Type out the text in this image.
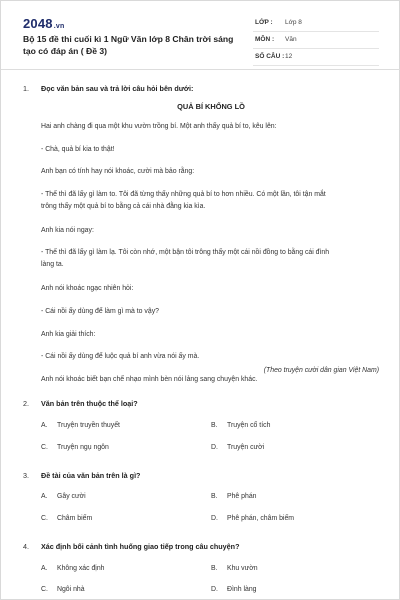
2048.vn
Bộ 15 đề thi cuối kì 1 Ngữ Văn lớp 8 Chân trời sáng tạo có đáp án ( Đề 3)
LỚP : Lớp 8
MÔN : Văn
SỐ CÂU : 12
1.	Đọc văn bản sau và trả lời câu hỏi bên dưới:
QUẢ BÍ KHỔNG LỒ
Hai anh chàng đi qua một khu vườn trồng bí. Một anh thấy quả bí to, kêu lên:
- Chà, quả bí kia to thật!
Anh bạn có tính hay nói khoác, cười mà bảo rằng:
- Thế thì đã lấy gì làm to. Tôi đã từng thấy những quả bí to hơn nhiều. Có một lần, tôi tận mắt
trông thấy một quả bí to bằng cả cái nhà đằng kia kìa.
Anh kia nói ngay:
- Thế thì đã lấy gì làm lạ. Tôi còn nhớ, một bận tôi trông thấy một cái nồi đồng to bằng cái đình
làng ta.
Anh nói khoác ngạc nhiên hỏi:
- Cái nồi ấy dùng để làm gì mà to vậy?
Anh kia giải thích:
- Cái nồi ấy dùng để luộc quả bí anh vừa nói ấy mà.
Anh nói khoác biết bạn chế nhạo mình bèn nói lảng sang chuyện khác.
(Theo truyện cười dân gian Việt Nam)
2.	Văn bản trên thuộc thể loại?
A. Truyện truyền thuyết	B. Truyện cổ tích
C. Truyện ngụ ngôn	D. Truyện cười
3.	Đề tài của văn bản trên là gì?
A. Gây cười	B. Phê phán
C. Châm biếm	D. Phê phán, châm biếm
4.	Xác định bối cảnh tình huống giao tiếp trong câu chuyện?
A. Không xác định	B. Khu vườn
C. Ngôi nhà	D. Đình làng
